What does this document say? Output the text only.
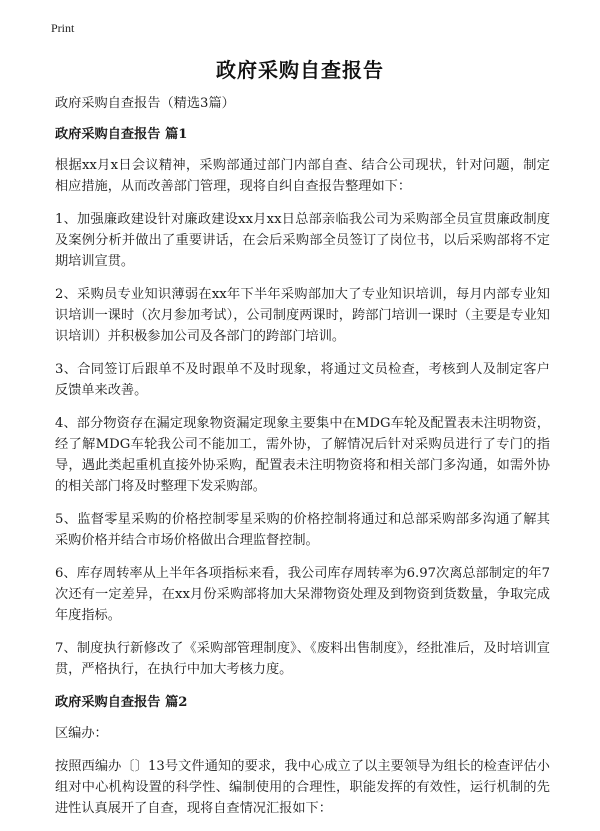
Print
政府采购自查报告

政府采购自查报告（精选3篇）

政府采购自查报告 篇1

根据xx月x日会议精神，采购部通过部门内部自查、结合公司现状，针对问题，制定相应措施，从而改善部门管理，现将自纠自查报告整理如下：

1、加强廉政建设针对廉政建设xx月xx日总部亲临我公司为采购部全员宣贯廉政制度及案例分析并做出了重要讲话，在会后采购部全员签订了岗位书，以后采购部将不定期培训宣贯。

2、采购员专业知识薄弱在xx年下半年采购部加大了专业知识培训，每月内部专业知识培训一课时（次月参加考试），公司制度两课时，跨部门培训一课时（主要是专业知识培训）并积极参加公司及各部门的跨部门培训。

3、合同签订后跟单不及时跟单不及时现象，将通过文员检查，考核到人及制定客户反馈单来改善。

4、部分物资存在漏定现象物资漏定现象主要集中在MDG车轮及配置表未注明物资，经了解MDG车轮我公司不能加工，需外协，了解情况后针对采购员进行了专门的指导，遇此类起重机直接外协采购，配置表未注明物资将和相关部门多沟通，如需外协的相关部门将及时整理下发采购部。

5、监督零星采购的价格控制零星采购的价格控制将通过和总部采购部多沟通了解其采购价格并结合市场价格做出合理监督控制。

6、库存周转率从上半年各项指标来看，我公司库存周转率为6.97次离总部制定的年7次还有一定差异，在xx月份采购部将加大呆滞物资处理及到物资到货数量，争取完成年度指标。

7、制度执行新修改了《采购部管理制度》、《废料出售制度》，经批准后，及时培训宣贯，严格执行，在执行中加大考核力度。

政府采购自查报告 篇2

区编办：

按照西编办〔〕13号文件通知的要求，我中心成立了以主要领导为组长的检查评估小组对中心机构设置的科学性、编制使用的合理性，职能发挥的有效性，运行机制的先进性认真展开了自查，现将自查情况汇报如下：
